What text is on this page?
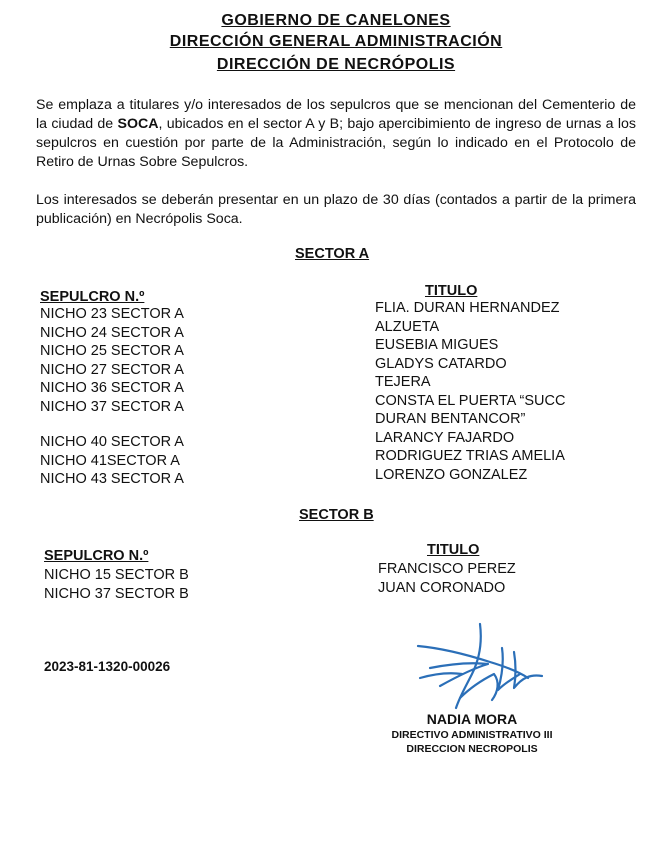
GOBIERNO DE CANELONES
DIRECCIÓN GENERAL ADMINISTRACIÓN
DIRECCIÓN DE NECRÓPOLIS
Se emplaza a titulares y/o interesados de los sepulcros que se mencionan del Cementerio de la ciudad de SOCA, ubicados en el sector A y B; bajo apercibimiento de ingreso de urnas a los sepulcros en cuestión por parte de la Administración, según lo indicado en el Protocolo de Retiro de Urnas Sobre Sepulcros.
Los interesados se deberán presentar en un plazo de 30 días (contados a partir de la primera publicación) en Necrópolis Soca.
SECTOR A
SEPULCRO N.º	TITULO
NICHO 23 SECTOR A
NICHO 24 SECTOR A
NICHO 25 SECTOR A
NICHO 27 SECTOR A
NICHO 36 SECTOR A
NICHO 37 SECTOR A
NICHO 40 SECTOR A
NICHO 41SECTOR A
NICHO 43 SECTOR A
FLIA. DURAN HERNANDEZ
ALZUETA
EUSEBIA MIGUES
GLADYS CATARDO
TEJERA
CONSTA EL PUERTA “SUCC
DURAN BENTANCOR”
LARANCY FAJARDO
RODRIGUEZ TRIAS AMELIA
LORENZO GONZALEZ
SECTOR B
SEPULCRO N.º	TITULO
NICHO 15 SECTOR B
NICHO 37 SECTOR B
FRANCISCO PEREZ
JUAN CORONADO
2023-81-1320-00026
NADIA MORA
DIRECTIVO ADMINISTRATIVO III
DIRECCION NECROPOLIS
